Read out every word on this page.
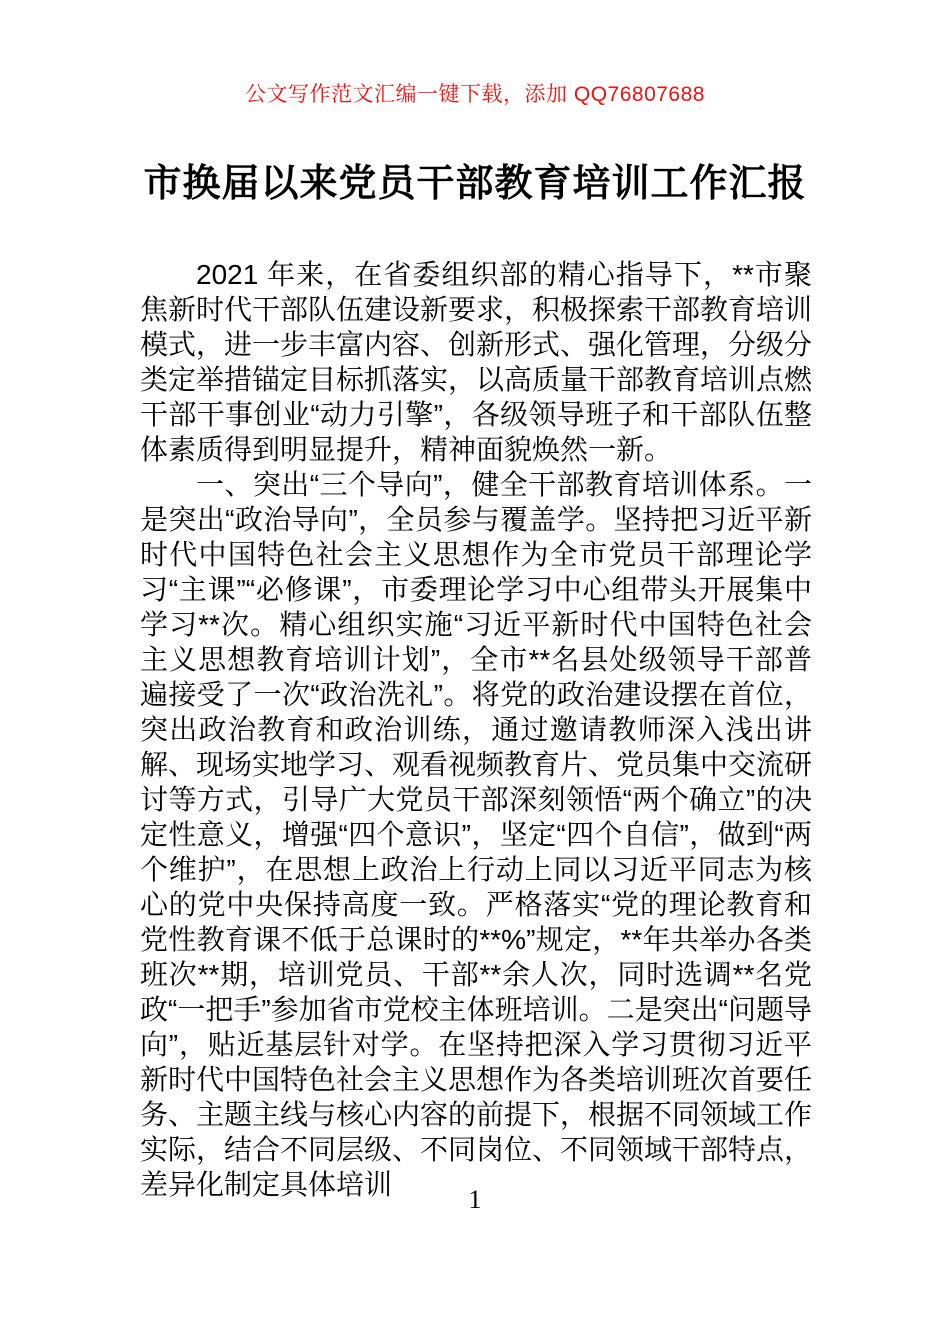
公文写作范文汇编一键下载，添加 QQ76807688
市换届以来党员干部教育培训工作汇报

2021 年来，在省委组织部的精心指导下，**市聚焦新时代干部队伍建设新要求，积极探索干部教育培训模式，进一步丰富内容、创新形式、强化管理，分级分类定举措锚定目标抓落实，以高质量干部教育培训点燃干部干事创业“动力引擎”，各级领导班子和干部队伍整体素质得到明显提升，精神面貌焕然一新。

一、突出“三个导向”，健全干部教育培训体系。一是突出“政治导向”，全员参与覆盖学。坚持把习近平新时代中国特色社会主义思想作为全市党员干部理论学习“主课”“必修课”，市委理论学习中心组带头开展集中学习**次。精心组织实施“习近平新时代中国特色社会主义思想教育培训计划”，全市**名县处级领导干部普遍接受了一次“政治洗礼”。将党的政治建设摆在首位，突出政治教育和政治训练，通过邀请教师深入浅出讲解、现场实地学习、观看视频教育片、党员集中交流研讨等方式，引导广大党员干部深刻领悟“两个确立”的决定性意义，增强“四个意识”，坚定“四个自信”，做到“两个维护”，在思想上政治上行动上同以习近平同志为核心的党中央保持高度一致。严格落实“党的理论教育和党性教育课不低于总课时的**%”规定，**年共举办各类班次**期，培训党员、干部**余人次，同时选调**名党政“一把手”参加省市党校主体班培训。二是突出“问题导向”，贴近基层针对学。在坚持把深入学习贯彻习近平新时代中国特色社会主义思想作为各类培训班次首要任务、主题主线与核心内容的前提下，根据不同领域工作实际，结合不同层级、不同岗位、不同领域干部特点，差异化制定具体培训	1
